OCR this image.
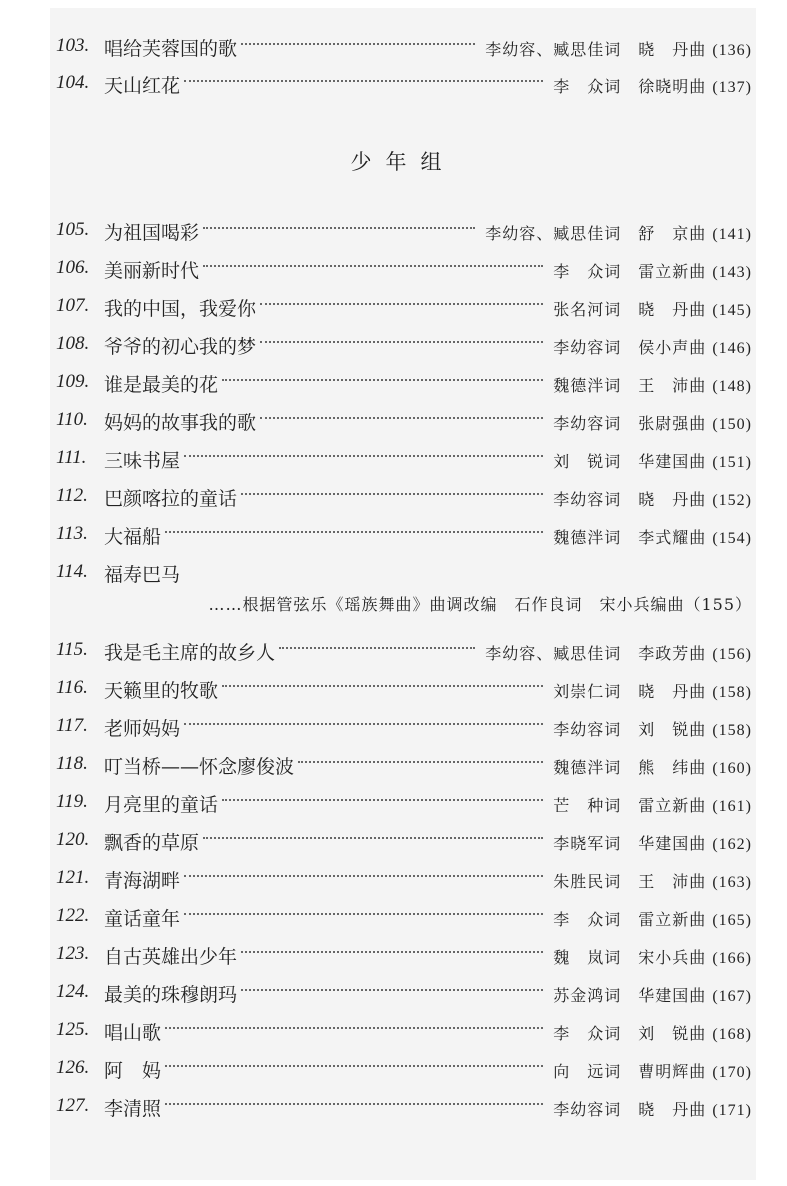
少年组
103. 唱给芙蓉国的歌	李幼容、臧思佳词　晓　丹曲 (136)
104. 天山红花	李　众词　徐晓明曲 (137)
105. 为祖国喝彩	李幼容、臧思佳词　舒　京曲 (141)
106. 美丽新时代	李　众词　雷立新曲 (143)
107. 我的中国，我爱你	张名河词　晓　丹曲 (145)
108. 爷爷的初心我的梦	李幼容词　侯小声曲 (146)
109. 谁是最美的花	魏德泮词　王　沛曲 (148)
110. 妈妈的故事我的歌	李幼容词　张尉强曲 (150)
111. 三味书屋	刘　锐词　华建国曲 (151)
112. 巴颜喀拉的童话	李幼容词　晓　丹曲 (152)
113. 大福船	魏德泮词　李式耀曲 (154)
114. 福寿巴马
……根据管弦乐《瑶族舞曲》曲调改编　石作良词　宋小兵编曲（155）
115. 我是毛主席的故乡人	李幼容、臧思佳词　李政芳曲 (156)
116. 天籁里的牧歌	刘崇仁词　晓　丹曲 (158)
117. 老师妈妈	李幼容词　刘　锐曲 (158)
118. 叮当桥——怀念廖俊波	魏德泮词　熊　纬曲 (160)
119. 月亮里的童话	芒　种词　雷立新曲 (161)
120. 飘香的草原	李晓军词　华建国曲 (162)
121. 青海湖畔	朱胜民词　王　沛曲 (163)
122. 童话童年	李　众词　雷立新曲 (165)
123. 自古英雄出少年	魏　岚词　宋小兵曲 (166)
124. 最美的珠穆朗玛	苏金鸿词　华建国曲 (167)
125. 唱山歌	李　众词　刘　锐曲 (168)
126. 阿　妈	向　远词　曹明辉曲 (170)
127. 李清照	李幼容词　晓　丹曲 (171)
